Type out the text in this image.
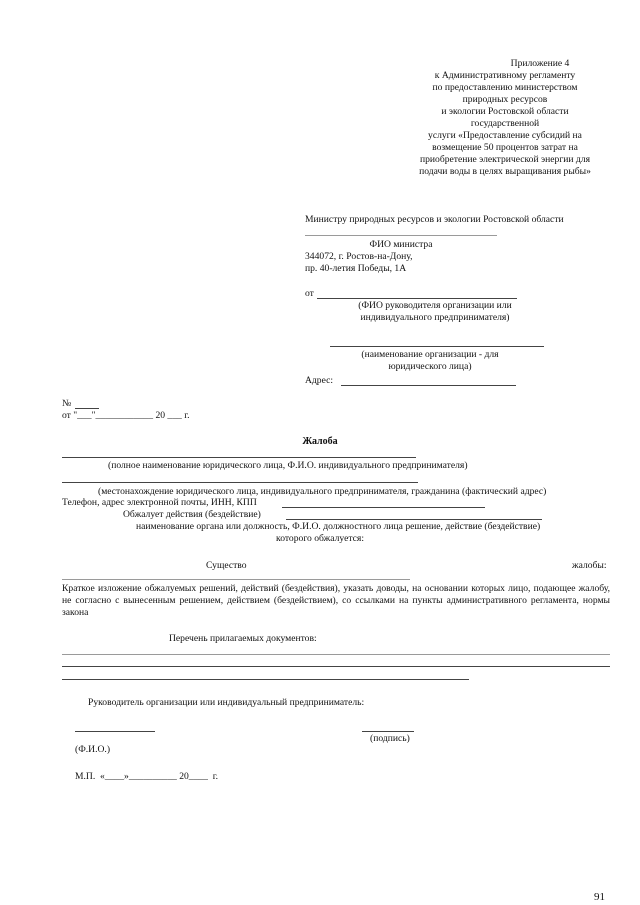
Приложение 4
к Административному регламенту
по предоставлению министерством
природных ресурсов
и экологии Ростовской области
государственной
услуги «Предоставление субсидий на
возмещение 50 процентов затрат на
приобретение электрической энергии для
подачи воды в целях выращивания рыбы»
Министру природных ресурсов и экологии Ростовской области
ФИО министра
344072, г. Ростов-на-Дону,
пр. 40-летия Победы, 1А
от
(ФИО руководителя организации или
индивидуального предпринимателя)
(наименование организации - для
юридического лица)
Адрес:
№
от "___"____________ 20 ___ г.
Жалоба
(полное наименование юридического лица, Ф.И.О. индивидуального предпринимателя)
(местонахождение юридического лица, индивидуального предпринимателя, гражданина (фактический адрес)
Телефон, адрес электронной почты, ИНН, КПП
Обжалует действия (бездействие)
наименование органа или должность, Ф.И.О. должностного лица решение, действие (бездействие)
которого обжалуется:
Существо	жалобы:
Краткое изложение обжалуемых решений, действий (бездействия), указать доводы, на основании которых лицо, подающее жалобу, не согласно с вынесенным решением, действием (бездействием), со ссылками на пункты административного регламента, нормы закона
Перечень прилагаемых документов:
Руководитель организации или индивидуальный предприниматель:
(подпись)
(Ф.И.О.)
М.П.  «____»__________ 20____  г.
91
